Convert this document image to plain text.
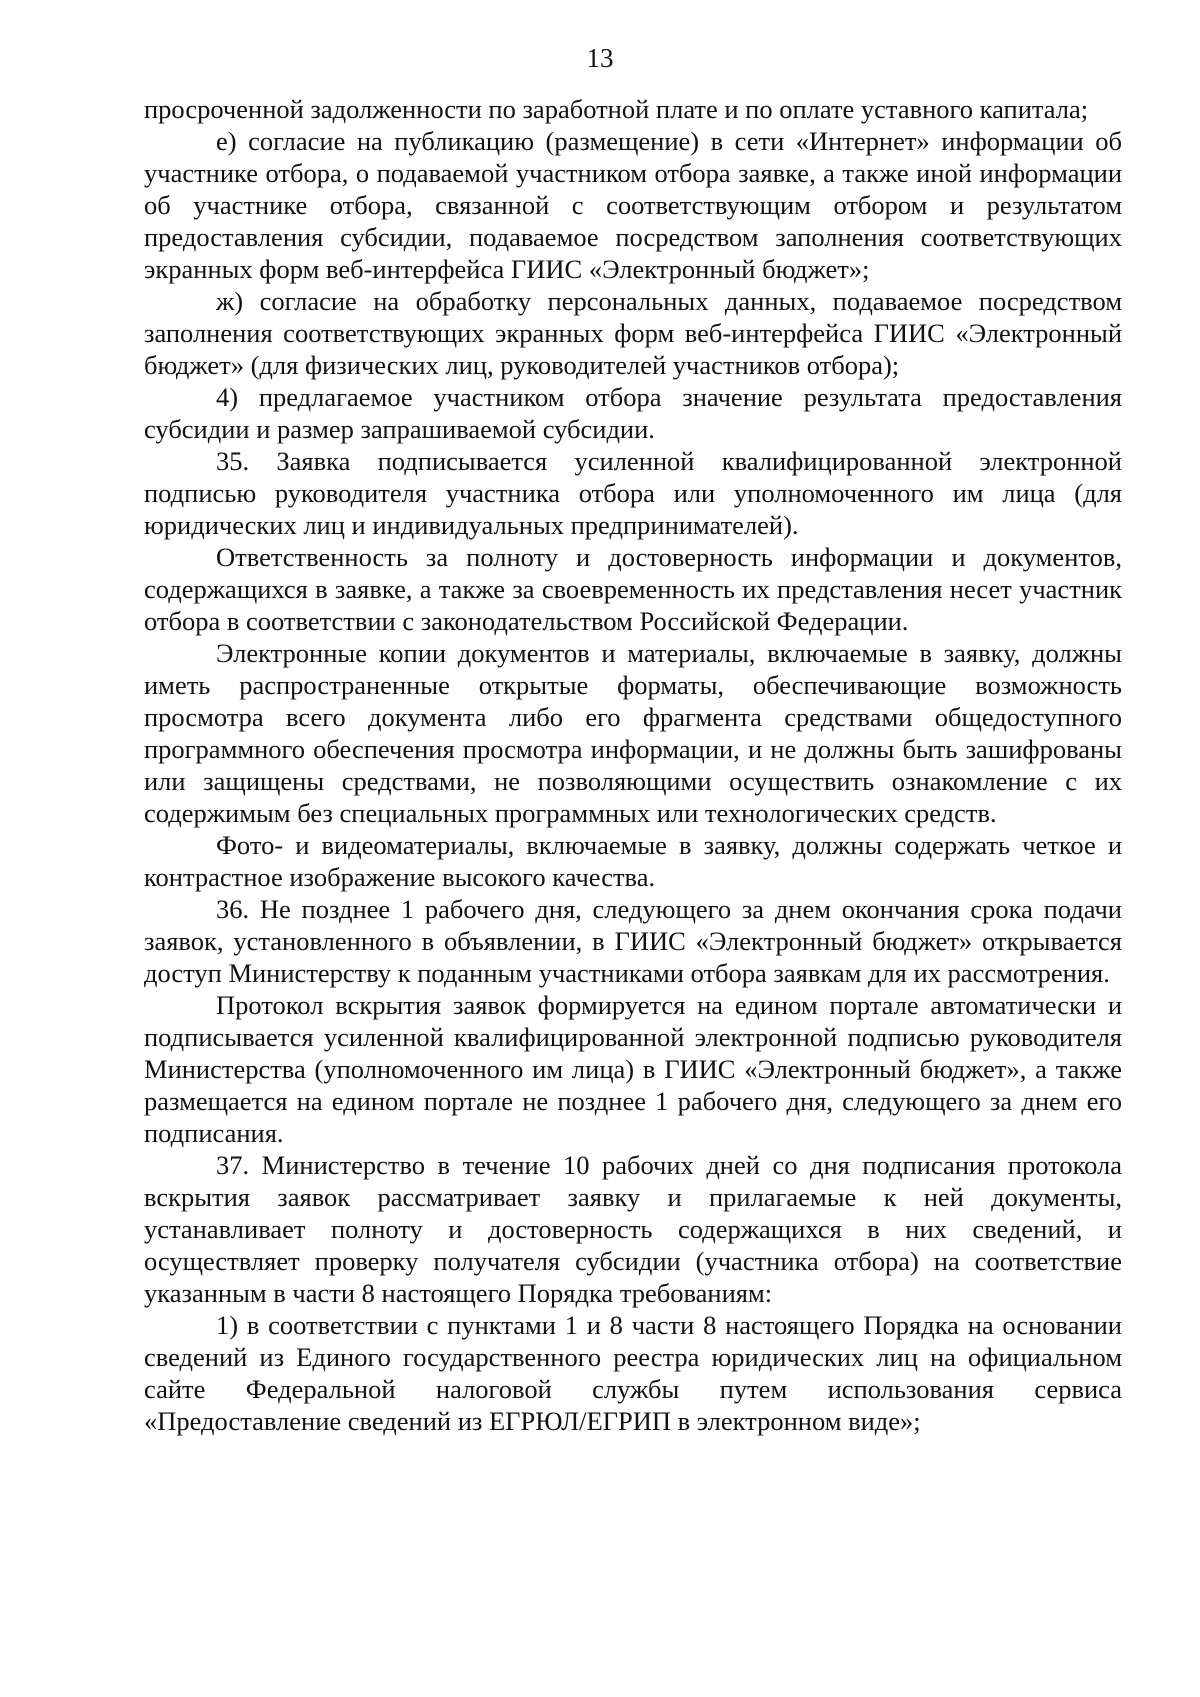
13

просроченной задолженности по заработной плате и по оплате уставного капитала;

е) согласие на публикацию (размещение) в сети «Интернет» информации об участнике отбора, о подаваемой участником отбора заявке, а также иной информации об участнике отбора, связанной с соответствующим отбором и результатом предоставления субсидии, подаваемое посредством заполнения соответствующих экранных форм веб-интерфейса ГИИС «Электронный бюджет»;

ж) согласие на обработку персональных данных, подаваемое посредством заполнения соответствующих экранных форм веб-интерфейса ГИИС «Электронный бюджет» (для физических лиц, руководителей участников отбора);

4) предлагаемое участником отбора значение результата предоставления субсидии и размер запрашиваемой субсидии.

35. Заявка подписывается усиленной квалифицированной электронной подписью руководителя участника отбора или уполномоченного им лица (для юридических лиц и индивидуальных предпринимателей).

Ответственность за полноту и достоверность информации и документов, содержащихся в заявке, а также за своевременность их представления несет участник отбора в соответствии с законодательством Российской Федерации.

Электронные копии документов и материалы, включаемые в заявку, должны иметь распространенные открытые форматы, обеспечивающие возможность просмотра всего документа либо его фрагмента средствами общедоступного программного обеспечения просмотра информации, и не должны быть зашифрованы или защищены средствами, не позволяющими осуществить ознакомление с их содержимым без специальных программных или технологических средств.

Фото- и видеоматериалы, включаемые в заявку, должны содержать четкое и контрастное изображение высокого качества.

36. Не позднее 1 рабочего дня, следующего за днем окончания срока подачи заявок, установленного в объявлении, в ГИИС «Электронный бюджет» открывается доступ Министерству к поданным участниками отбора заявкам для их рассмотрения.

Протокол вскрытия заявок формируется на едином портале автоматически и подписывается усиленной квалифицированной электронной подписью руководителя Министерства (уполномоченного им лица) в ГИИС «Электронный бюджет», а также размещается на едином портале не позднее 1 рабочего дня, следующего за днем его подписания.

37. Министерство в течение 10 рабочих дней со дня подписания протокола вскрытия заявок рассматривает заявку и прилагаемые к ней документы, устанавливает полноту и достоверность содержащихся в них сведений, и осуществляет проверку получателя субсидии (участника отбора) на соответствие указанным в части 8 настоящего Порядка требованиям:

1) в соответствии с пунктами 1 и 8 части 8 настоящего Порядка на основании сведений из Единого государственного реестра юридических лиц на официальном сайте Федеральной налоговой службы путем использования сервиса «Предоставление сведений из ЕГРЮЛ/ЕГРИП в электронном виде»;
